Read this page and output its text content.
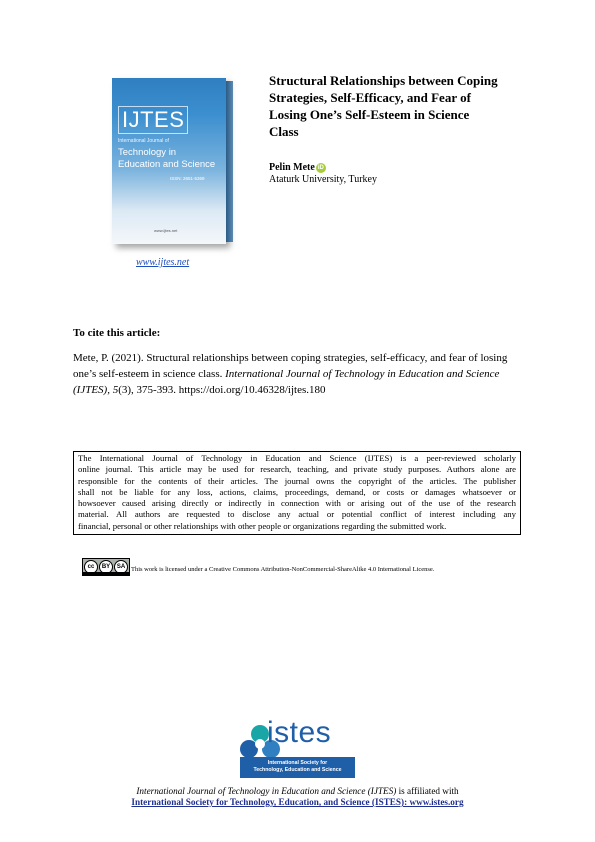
IJTES
International Journal of
Technology in
Education and Science
ISSN: 2651-5369
www.ijtes.net
www.ijtes.net
Structural Relationships between Coping
Strategies, Self-Efficacy, and Fear of
Losing One’s Self-Esteem in Science
Class
Pelin Mete iD
Ataturk University, Turkey
To cite this article:
Mete, P. (2021). Structural relationships between coping strategies, self-efficacy, and fear of losing one’s self-esteem in science class. International Journal of Technology in Education and Science (IJTES), 5(3), 375-393. https://doi.org/10.46328/ijtes.180
The International Journal of Technology in Education and Science (IJTES) is a peer-reviewed scholarly
online journal. This article may be used for research, teaching, and private study purposes. Authors alone are
responsible for the contents of their articles. The journal owns the copyright of the articles. The publisher
shall not be liable for any loss, actions, claims, proceedings, demand, or costs or damages whatsoever or
howsoever caused arising directly or indirectly in connection with or arising out of the use of the research
material. All authors are requested to disclose any actual or potential conflict of interest including any
financial, personal or other relationships with other people or organizations regarding the submitted work.
cc	BY	SA This work is licensed under a Creative Commons Attribution-NonCommercial-ShareAlike 4.0 International License.
istes
International Society for
Technology, Education and Science
International Journal of Technology in Education and Science (IJTES) is affiliated with
International Society for Technology, Education, and Science (ISTES): www.istes.org
